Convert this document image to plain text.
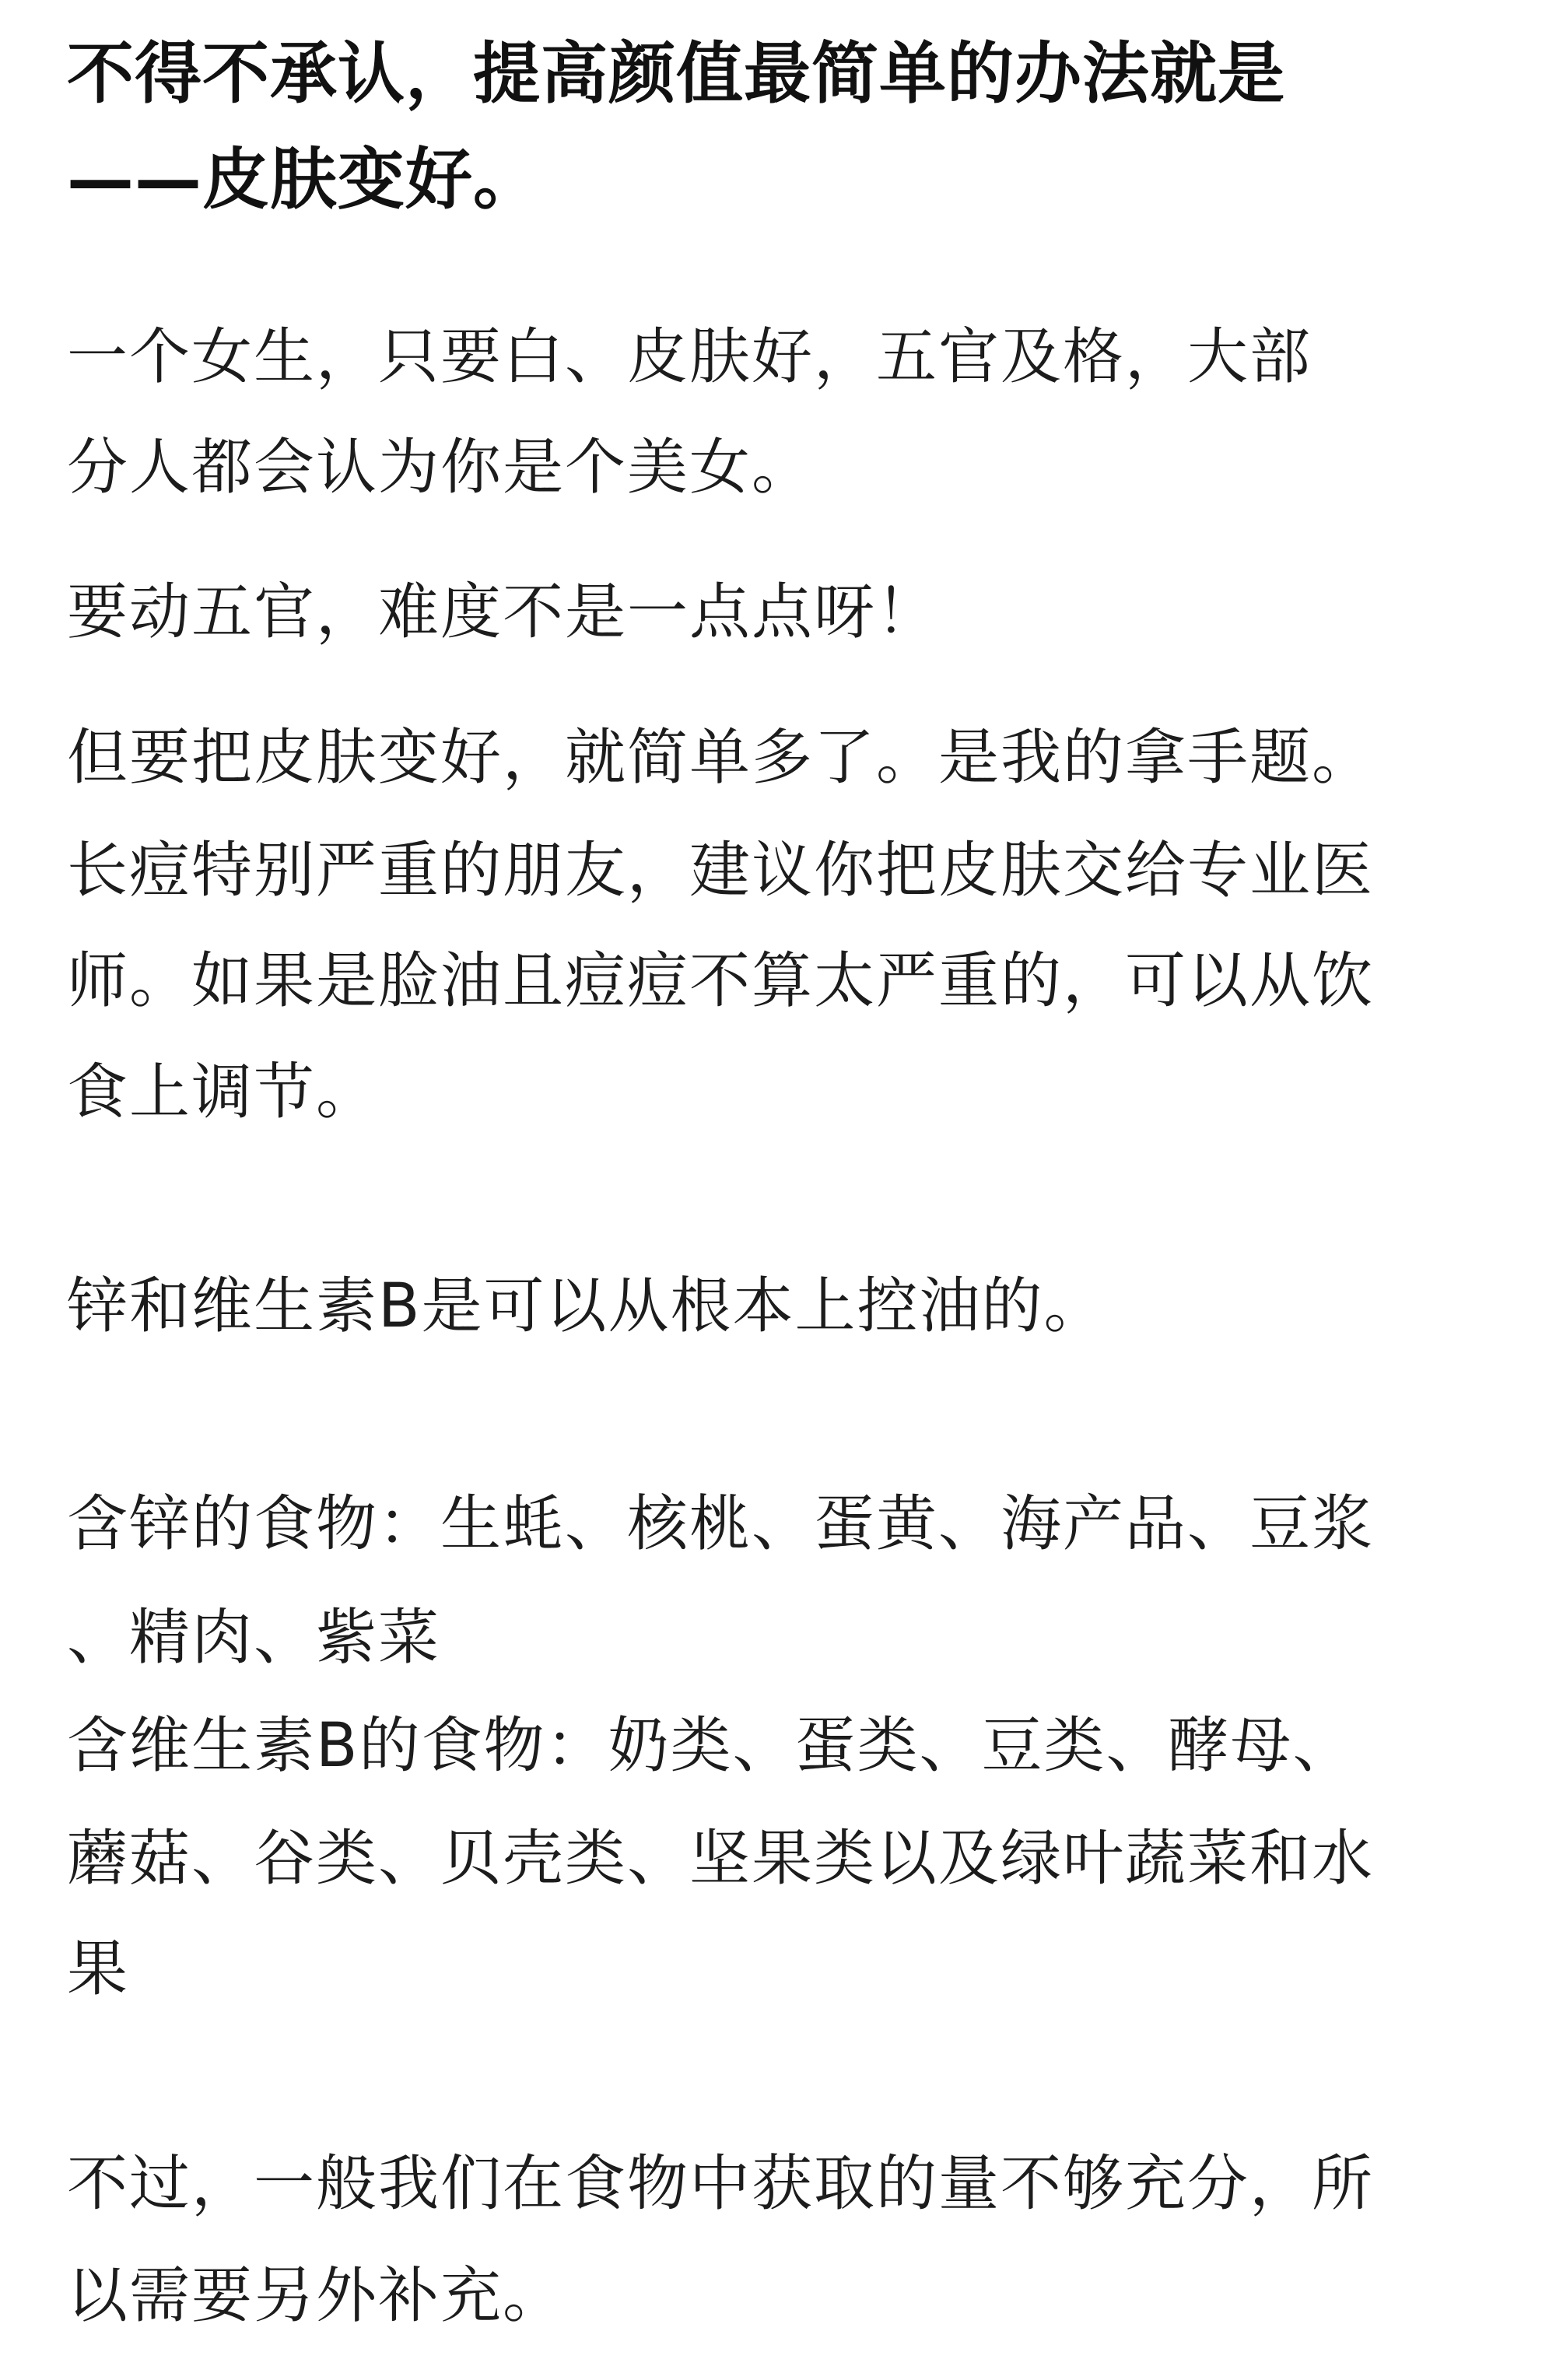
不得不承认，提高颜值最简单的办法就是
——皮肤变好。
一个女生，只要白、皮肤好，五官及格，大部
分人都会认为你是个美女。
要动五官，难度不是一点点呀！
但要把皮肤变好，就简单多了。是我的拿手题。
长痘特别严重的朋友，建议你把皮肤交给专业医
师。如果是脸油且痘痘不算太严重的，可以从饮
食上调节。
锌和维生素B是可以从根本上控油的。
含锌的食物：生蚝、核桃、蛋黄、海产品、豆浆
、精肉、紫菜
含维生素B的食物：奶类、蛋类、豆类、酵母、
蘑菇、谷类、贝壳类、坚果类以及绿叶蔬菜和水
果
不过，一般我们在食物中获取的量不够充分，所
以需要另外补充。
